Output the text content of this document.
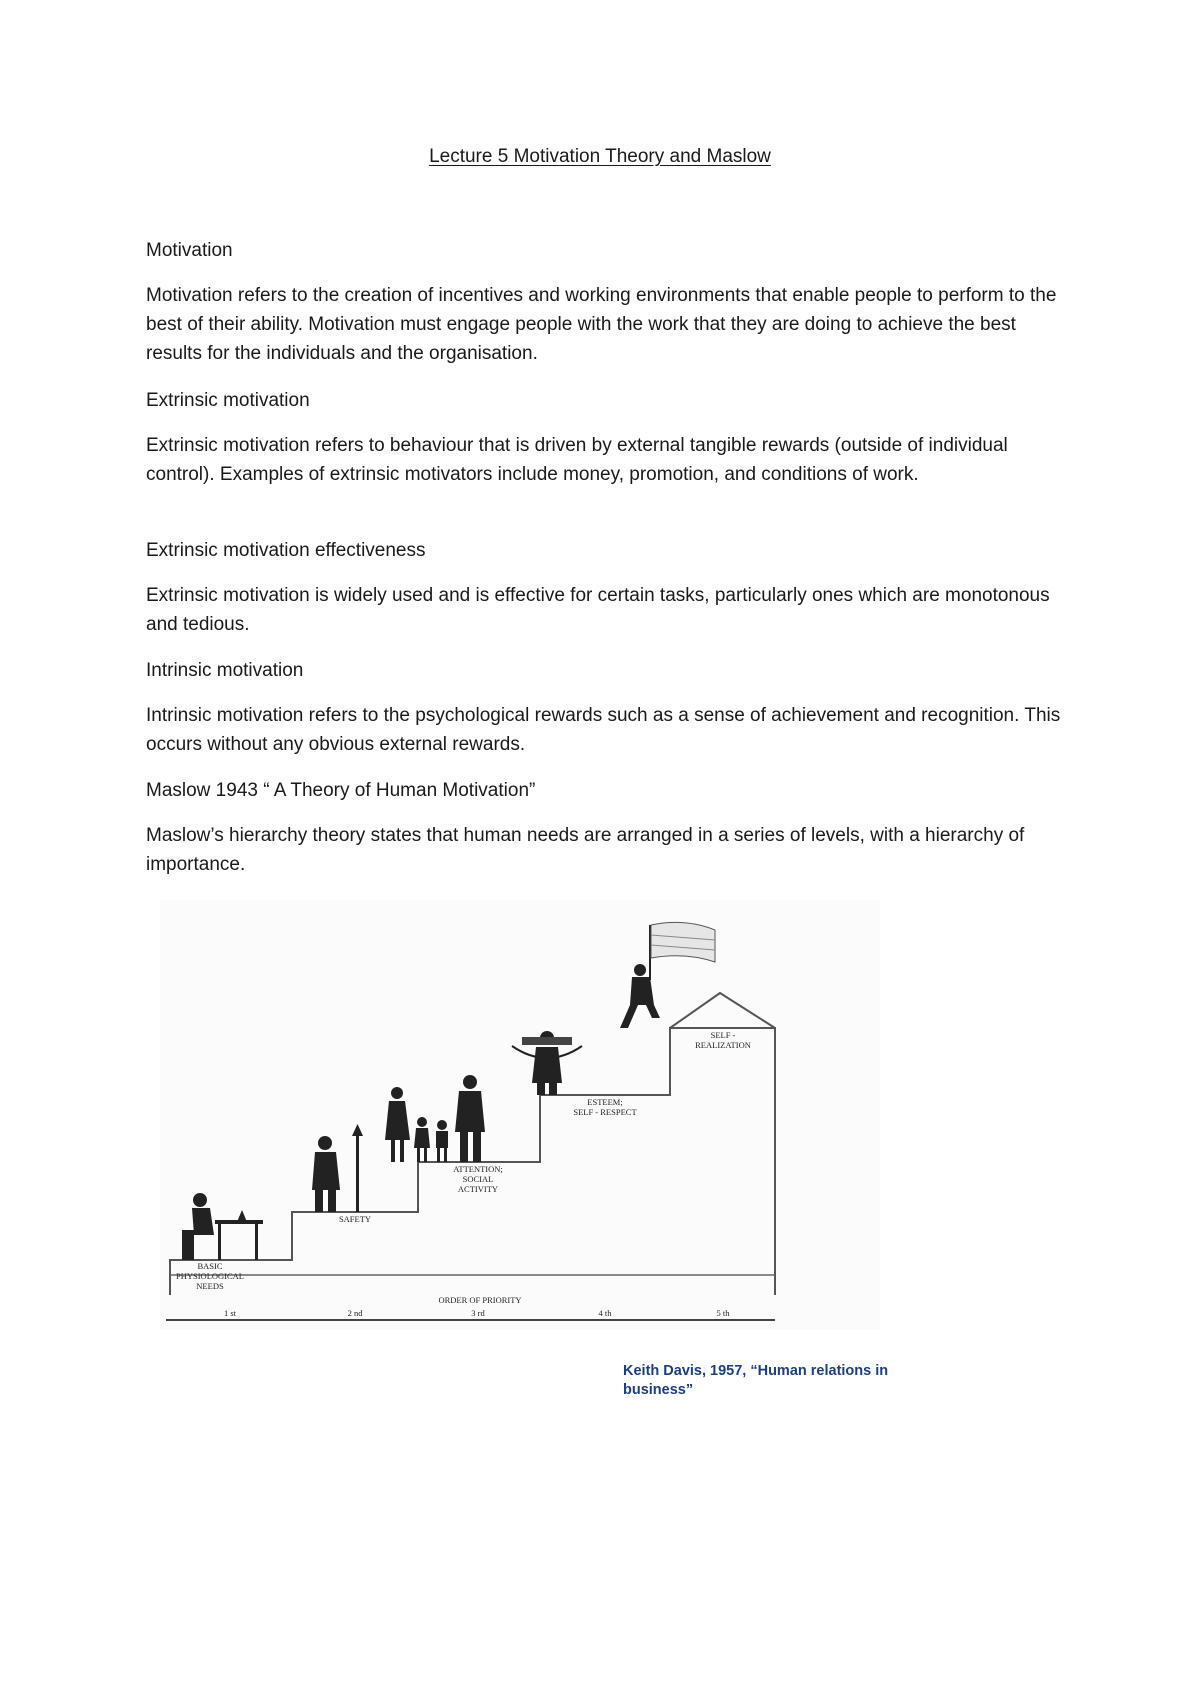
Lecture 5 Motivation Theory and Maslow
Motivation
Motivation refers to the creation of incentives and working environments that enable people to perform to the best of their ability. Motivation must engage people with the work that they are doing to achieve the best results for the individuals and the organisation.
Extrinsic motivation
Extrinsic motivation refers to behaviour that is driven by external tangible rewards (outside of individual control). Examples of extrinsic motivators include money, promotion, and conditions of work.
Extrinsic motivation effectiveness
Extrinsic motivation is widely used and is effective for certain tasks, particularly ones which are monotonous and tedious.
Intrinsic motivation
Intrinsic motivation refers to the psychological rewards such as a sense of achievement and recognition. This occurs without any obvious external rewards.
Maslow 1943 “ A Theory of Human Motivation”
Maslow’s hierarchy theory states that human needs are arranged in a series of levels, with a hierarchy of importance.
BASIC
PHYSIOLOGICAL
NEEDS
SAFETY
ATTENTION;
SOCIAL
ACTIVITY
ESTEEM;
SELF - RESPECT
SELF -
REALIZATION
ORDER OF PRIORITY
1 st	2 nd	3 rd	4 th	5 th
Keith Davis, 1957, “Human relations in
business”
